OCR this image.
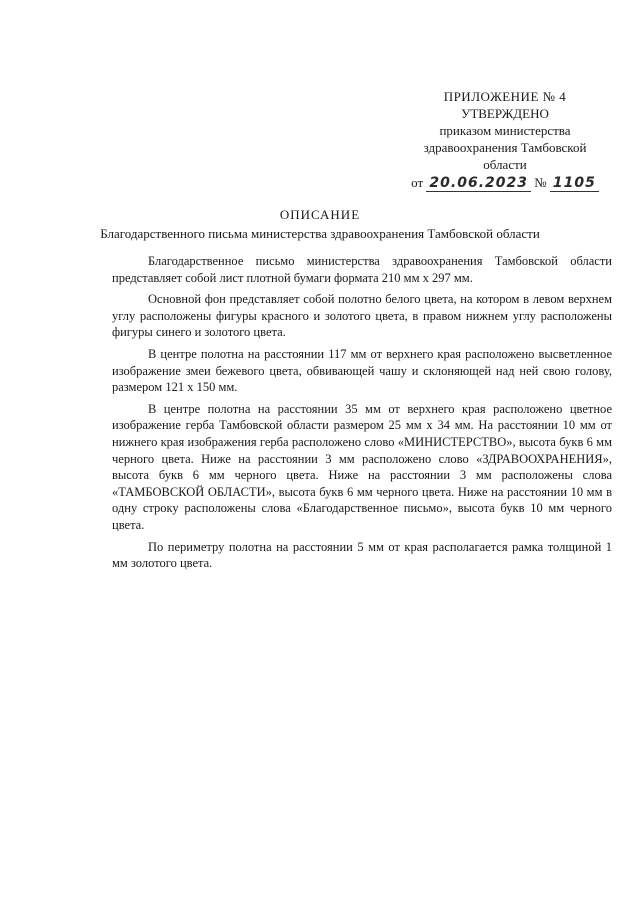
ПРИЛОЖЕНИЕ № 4
УТВЕРЖДЕНО
приказом министерства
здравоохранения Тамбовской
области
от 20.06.2023 № 1105
ОПИСАНИЕ
Благодарственного письма министерства здравоохранения Тамбовской области

Благодарственное письмо министерства здравоохранения Тамбовской области представляет собой лист плотной бумаги формата 210 мм х 297 мм.

Основной фон представляет собой полотно белого цвета, на котором в левом верхнем углу расположены фигуры красного и золотого цвета, в правом нижнем углу расположены фигуры синего и золотого цвета.

В центре полотна на расстоянии 117 мм от верхнего края расположено высветленное изображение змеи бежевого цвета, обвивающей чашу и склоняющей над ней свою голову, размером 121 х 150 мм.

В центре полотна на расстоянии 35 мм от верхнего края расположено цветное изображение герба Тамбовской области размером 25 мм х 34 мм. На расстоянии 10 мм от нижнего края изображения герба расположено слово «МИНИСТЕРСТВО», высота букв 6 мм черного цвета. Ниже на расстоянии 3 мм расположено слово «ЗДРАВООХРАНЕНИЯ», высота букв 6 мм черного цвета. Ниже на расстоянии 3 мм расположены слова «ТАМБОВСКОЙ ОБЛАСТИ», высота букв 6 мм черного цвета. Ниже на расстоянии 10 мм в одну строку расположены слова «Благодарственное письмо», высота букв 10 мм черного цвета.

По периметру полотна на расстоянии 5 мм от края располагается рамка толщиной 1 мм золотого цвета.
